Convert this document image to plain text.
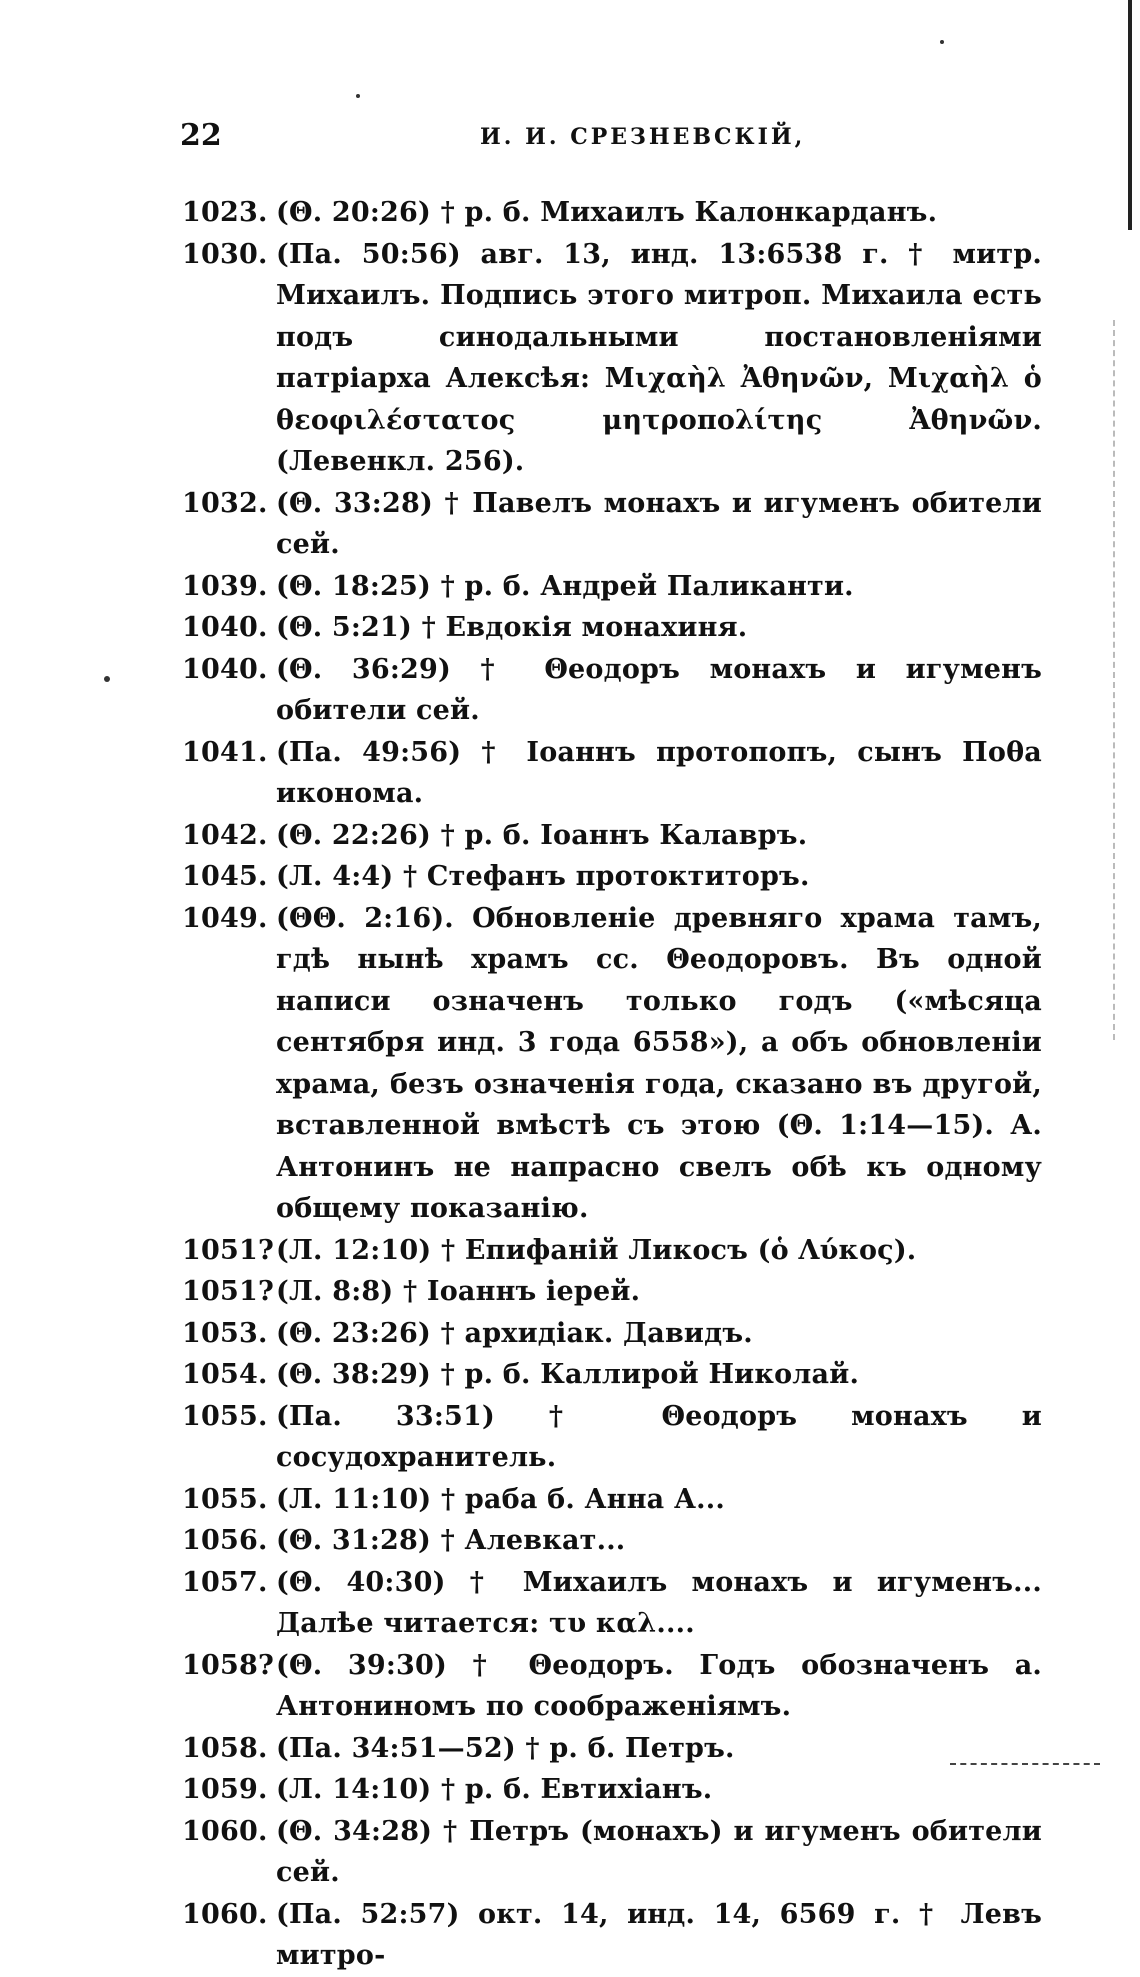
22	И. И. СРЕЗНЕВСКІЙ,
1023. (Θ. 20:26) † р. б. Михаилъ Калонкарданъ.

1030. (Па. 50:56) авг. 13, инд. 13:6538 г. † митр. Михаилъ. Подпись этого митроп. Михаила есть подъ синодальными постановленіями патріарха Алексѣя: Μιχαὴλ Ἀθηνῶν, Μιχαὴλ ὁ θεοφιλέστατος μητροπολίτης Ἀθηνῶν. (Левенкл. 256).

1032. (Θ. 33:28) † Павелъ монахъ и игуменъ обители сей.

1039. (Θ. 18:25) † р. б. Андрей Паликанти.

1040. (Θ. 5:21) † Евдокія монахиня.

1040. (Θ. 36:29) † Θеодоръ монахъ и игуменъ обители сей.

1041. (Па. 49:56) † Іоаннъ протопопъ, сынъ Поθа иконома.

1042. (Θ. 22:26) † р. б. Іоаннъ Калавръ.

1045. (Л. 4:4) † Стефанъ протоктиторъ.

1049. (ΘΘ. 2:16). Обновленіе древняго храма тамъ, гдѣ нынѣ храмъ сс. Θеодоровъ. Въ одной написи означенъ только годъ («мѣсяца сентября инд. 3 года 6558»), а объ обновленіи храма, безъ означенія года, сказано въ другой, вставленной вмѣстѣ съ этою (Θ. 1:14—15). А. Антонинъ не напрасно свелъ обѣ къ одному общему показанію.

1051? (Л. 12:10) † Епифаній Ликосъ (ὁ Λύκος).

1051? (Л. 8:8) † Іоаннъ іерей.

1053. (Θ. 23:26) † архидіак. Давидъ.

1054. (Θ. 38:29) † р. б. Каллирой Николай.

1055. (Па. 33:51) † Θеодоръ монахъ и сосудохранитель.

1055. (Л. 11:10) † раба б. Анна А...

1056. (Θ. 31:28) † Алевкат...

1057. (Θ. 40:30) † Михаилъ монахъ и игуменъ... Далѣе читается: τυ καλ....

1058? (Θ. 39:30) † Θеодоръ. Годъ обозначенъ а. Антониномъ по соображеніямъ.

1058. (Па. 34:51—52) † р. б. Петръ.

1059. (Л. 14:10) † р. б. Евтихіанъ.

1060. (Θ. 34:28) † Петръ (монахъ) и игуменъ обители сей.

1060. (Па. 52:57) окт. 14, инд. 14, 6569 г. † Левъ митро-
